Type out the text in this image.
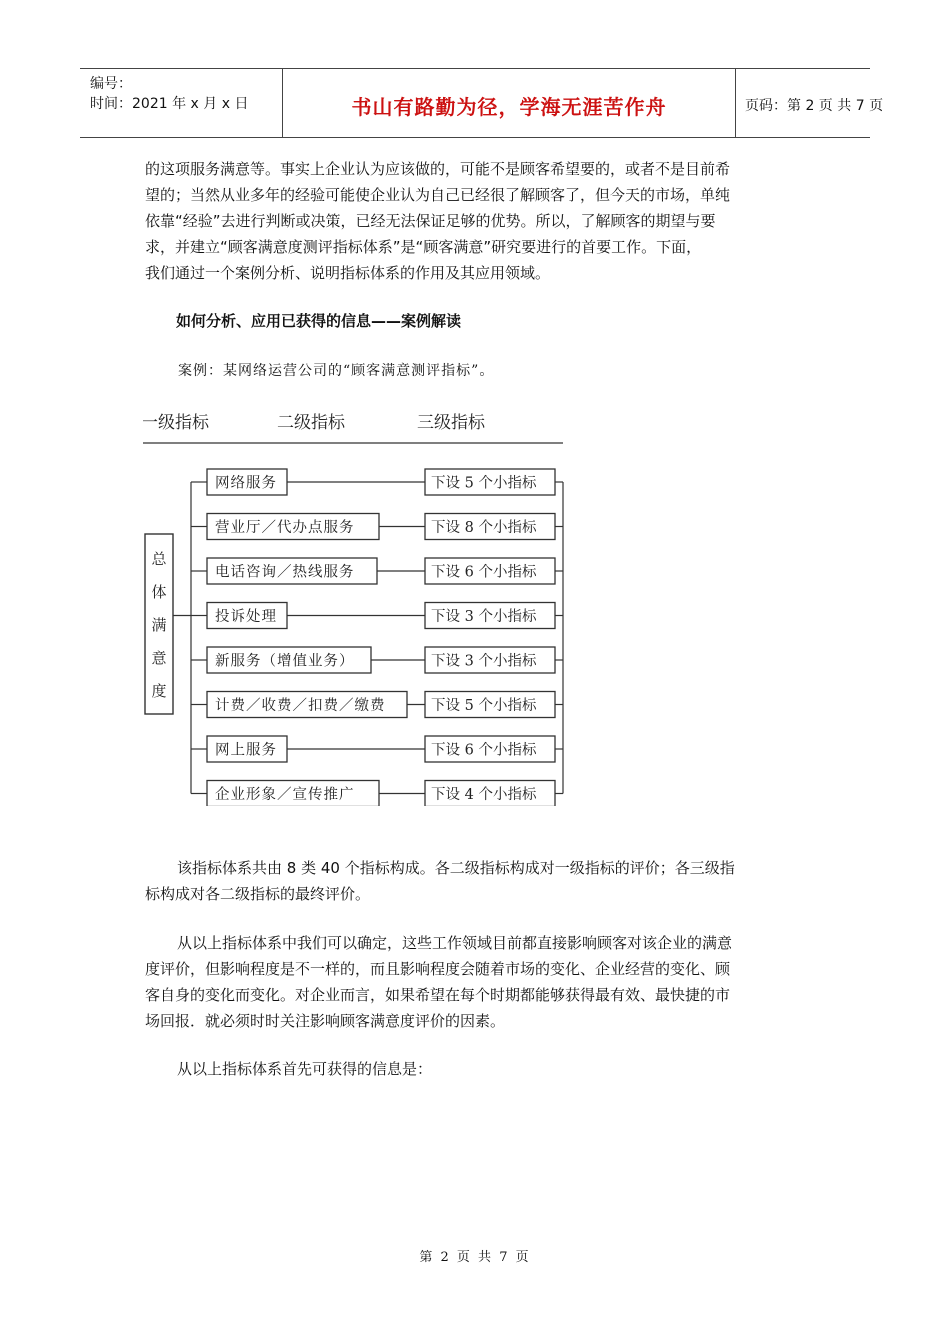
编号：
时间：2021 年 x 月 x 日	书山有路勤为径，学海无涯苦作舟	页码：第 2 页 共 7 页
的这项服务满意等。事实上企业认为应该做的，可能不是顾客希望要的，或者不是目前希
望的；当然从业多年的经验可能使企业认为自己已经很了解顾客了，但今天的市场，单纯
依靠“经验”去进行判断或决策，已经无法保证足够的优势。所以，了解顾客的期望与要
求，并建立“顾客满意度测评指标体系”是“顾客满意”研究要进行的首要工作。下面，
我们通过一个案例分析、说明指标体系的作用及其应用领域。
如何分析、应用已获得的信息——案例解读
案例：某网络运营公司的“顾客满意测评指标”。
一级指标	二级指标	三级指标
总
体
满
意
度
网络服务
营业厅／代办点服务
电话咨询／热线服务
投诉处理
新服务（增值业务）
计费／收费／扣费／缴费
网上服务
企业形象／宣传推广
下设 5 个小指标
下设 8 个小指标
下设 6 个小指标
下设 3 个小指标
下设 3 个小指标
下设 5 个小指标
下设 6 个小指标
下设 4 个小指标
该指标体系共由 8 类 40 个指标构成。各二级指标构成对一级指标的评价；各三级指
标构成对各二级指标的最终评价。
从以上指标体系中我们可以确定，这些工作领域目前都直接影响顾客对该企业的满意
度评价，但影响程度是不一样的，而且影响程度会随着市场的变化、企业经营的变化、顾
客自身的变化而变化。对企业而言，如果希望在每个时期都能够获得最有效、最快捷的市
场回报．就必须时时关注影响顾客满意度评价的因素。
从以上指标体系首先可获得的信息是：
第 2 页 共 7 页
